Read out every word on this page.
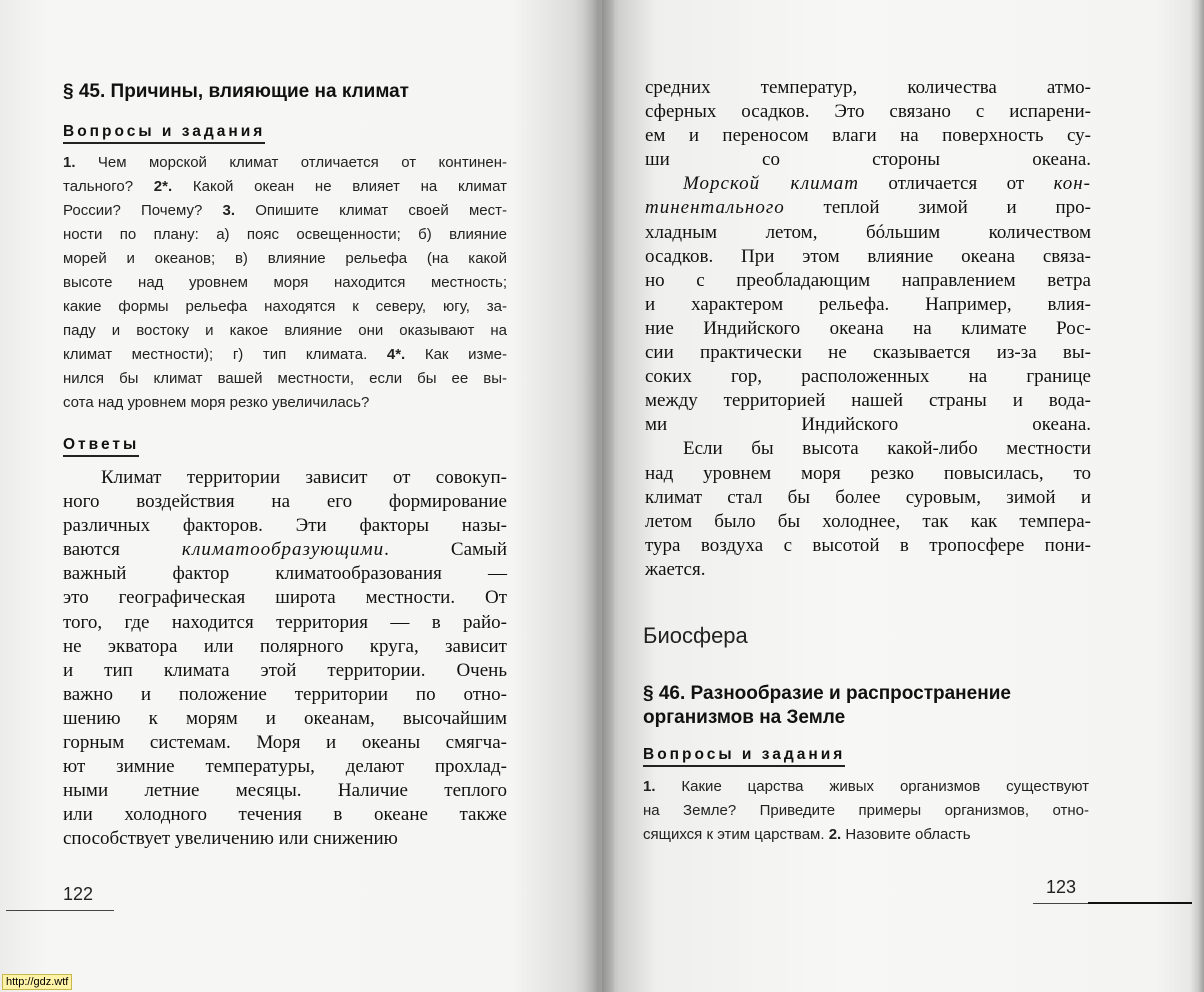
§ 45. Причины, влияющие на климат
Вопросы и задания
1. Чем морской климат отличается от континен-
тального? 2*. Какой океан не влияет на климат
России? Почему? 3. Опишите климат своей мест-
ности по плану: а) пояс освещенности; б) влияние
морей и океанов; в) влияние рельефа (на какой
высоте над уровнем моря находится местность;
какие формы рельефа находятся к северу, югу, за-
паду и востоку и какое влияние они оказывают на
климат местности); г) тип климата. 4*. Как изме-
нился бы климат вашей местности, если бы ее вы-
сота над уровнем моря резко увеличилась?
Ответы
  Климат территории зависит от совокуп-
ного воздействия на его формирование
различных факторов. Эти факторы назы-
ваются климатообразующими. Самый
важный фактор климатообразования —
это географическая широта местности. От
того, где находится территория — в райо-
не экватора или полярного круга, зависит
и тип климата этой территории. Очень
важно и положение территории по отно-
шению к морям и океанам, высочайшим
горным системам. Моря и океаны смягча-
ют зимние температуры, делают прохлад-
ными летние месяцы. Наличие теплого
или холодного течения в океане также
способствует увеличению или снижению
122
средних температур, количества атмо-
сферных осадков. Это связано с испарени-
ем и переносом влаги на поверхность су-
ши со стороны океана.
  Морской климат отличается от кон-
тинентального теплой зимой и про-
хладным летом, бóльшим количеством
осадков. При этом влияние океана связа-
но с преобладающим направлением ветра
и характером рельефа. Например, влия-
ние Индийского океана на климате Рос-
сии практически не сказывается из-за вы-
соких гор, расположенных на границе
между территорией нашей страны и вода-
ми Индийского океана.
  Если бы высота какой-либо местности
над уровнем моря резко повысилась, то
климат стал бы более суровым, зимой и
летом было бы холоднее, так как темпера-
тура воздуха с высотой в тропосфере пони-
жается.
Биосфера
§ 46. Разнообразие и распространение
организмов на Земле
Вопросы и задания
1. Какие царства живых организмов существуют
на Земле? Приведите примеры организмов, отно-
сящихся к этим царствам. 2. Назовите область
123
http://gdz.wtf
